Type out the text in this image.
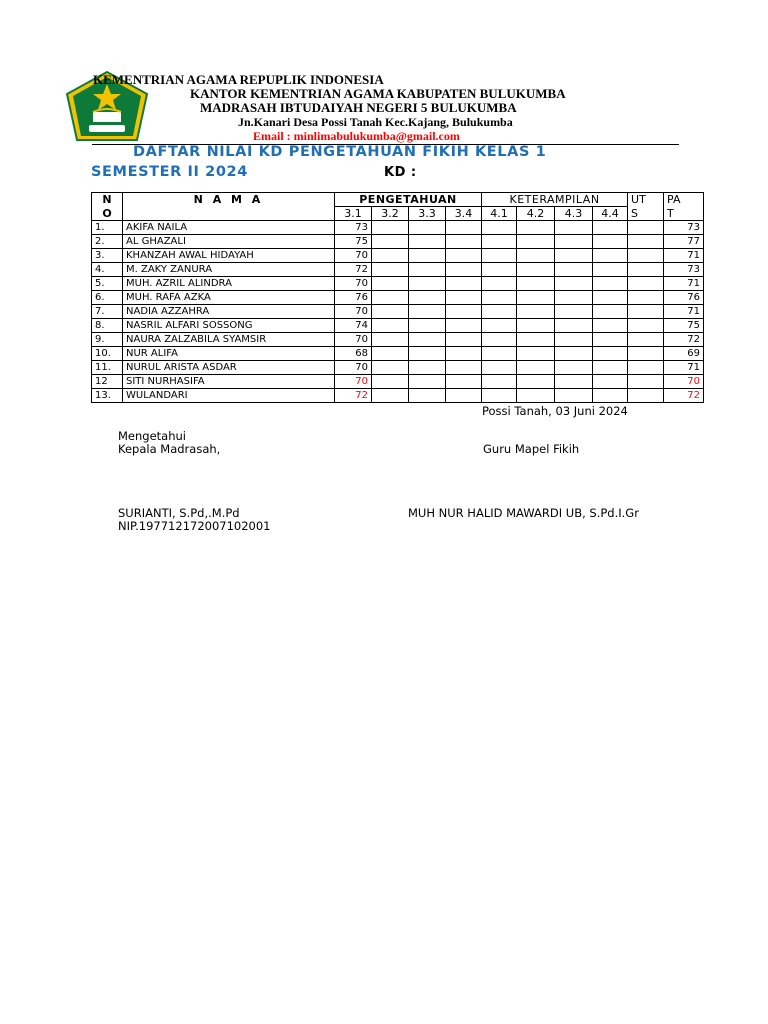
KEMENTRIAN AGAMA REPUPLIK INDONESIA
KANTOR KEMENTRIAN AGAMA KABUPATEN BULUKUMBA
MADRASAH IBTUDAIYAH NEGERI 5 BULUKUMBA
Jn.Kanari Desa Possi Tanah Kec.Kajang, Bulukumba
Email : minlimabulukumba@gmail.com
DAFTAR NILAI KD PENGETAHUAN FIKIH KELAS 1
SEMESTER II 2024	KD :
N	N A M A	PENGETAHUAN				KETERAMPILAN				UT	PA
O		3.1	3.2	3.3	3.4	4.1	4.2	4.3	4.4	S	T
1.	AKIFA NAILA	73									73
2.	AL GHAZALI	75									77
3.	KHANZAH AWAL HIDAYAH	70									71
4.	M. ZAKY ZANURA	72									73
5.	MUH. AZRIL ALINDRA	70									71
6.	MUH. RAFA AZKA	76									76
7.	NADIA AZZAHRA	70									71
8.	NASRIL ALFARI SOSSONG	74									75
9.	NAURA ZALZABILA SYAMSIR	70									72
10.	NUR ALIFA	68									69
11.	NURUL ARISTA ASDAR	70									71
12	SITI NURHASIFA	70									70
13.	WULANDARI	72									72
Possi Tanah, 03 Juni 2024
Mengetahui
Kepala Madrasah,	Guru Mapel Fikih
SURIANTI, S.Pd,.M.Pd	MUH NUR HALID MAWARDI UB, S.Pd.I.Gr
NIP.197712172007102001
